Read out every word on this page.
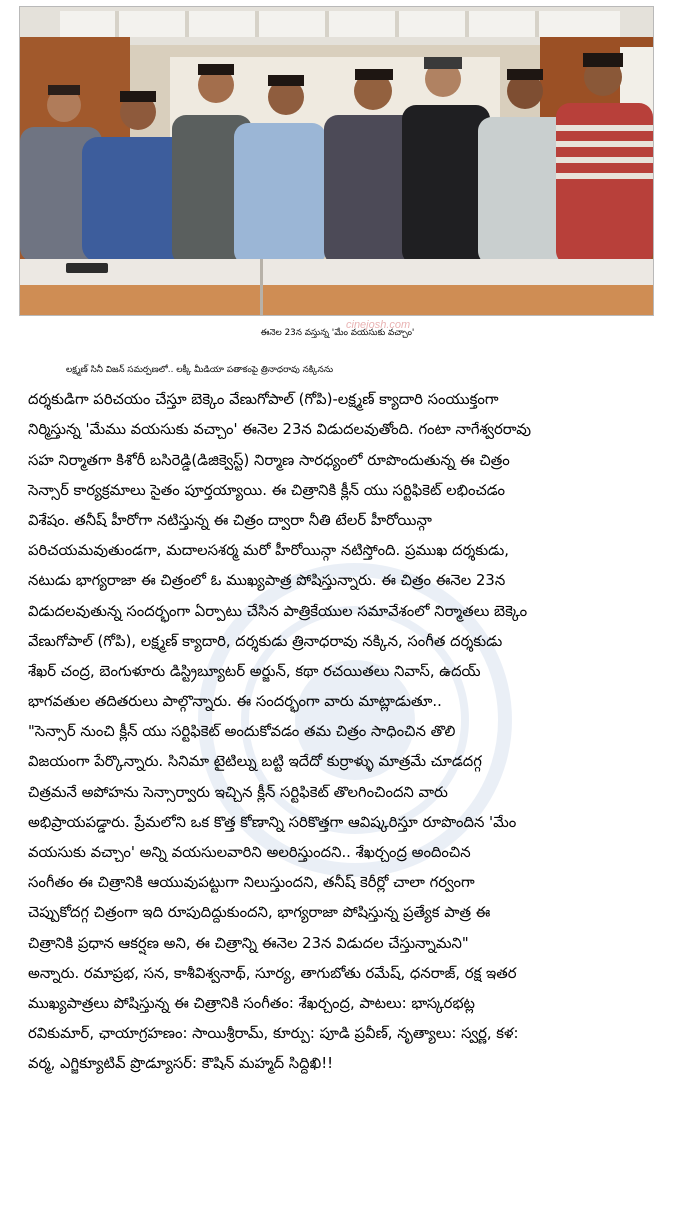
cinejosh.com
ఈనెల 23న వస్తున్న 'మేం వయసుకు వచ్చాం'
లక్ష్మణ్ సినీ విజన్ సమర్పణలో.. లక్కీ మీడియా పతాకంపై త్రినాధరావు నక్కినను
దర్శకుడిగా పరిచయం చేస్తూ బెక్కెం వేణుగోపాల్ (గోపి)-లక్ష్మణ్ క్యాదారి సంయుక్తంగా
నిర్మిస్తున్న 'మేము వయసుకు వచ్చాం' ఈనెల 23న విడుదలవుతోంది. గంటా నాగేశ్వరరావు
సహ నిర్మాతగా కిశోరీ బసిరెడ్డి(డిజిక్వెస్ట్) నిర్మాణ సారధ్యంలో రూపొందుతున్న ఈ చిత్రం
సెన్సార్ కార్యక్రమాలు సైతం పూర్తయ్యాయి. ఈ చిత్రానికి క్లీన్ యు సర్టిఫికెట్ లభించడం
విశేషం. తనీష్ హీరోగా నటిస్తున్న ఈ చిత్రం ద్వారా నీతి టేలర్ హీరోయిన్గా
పరిచయమవుతుండగా, మదాలసశర్మ మరో హీరోయిన్గా నటిస్తోంది. ప్రముఖ దర్శకుడు,
నటుడు భాగ్యరాజా ఈ చిత్రంలో ఓ ముఖ్యపాత్ర పోషిస్తున్నారు. ఈ చిత్రం ఈనెల 23న
విడుదలవుతున్న సందర్భంగా ఏర్పాటు చేసిన పాత్రికేయుల సమావేశంలో నిర్మాతలు బెక్కెం
వేణుగోపాల్ (గోపి), లక్ష్మణ్ క్యాదారి, దర్శకుడు త్రినాధరావు నక్కిన, సంగీత దర్శకుడు
శేఖర్ చంద్ర, బెంగుళూరు డిస్ట్రిబ్యూటర్ అర్జున్, కథా రచయితలు నివాస్, ఉదయ్
భాగవతుల తదితరులు పాల్గొన్నారు. ఈ సందర్భంగా వారు మాట్లాడుతూ..
"సెన్సార్ నుంచి క్లీన్ యు సర్టిఫికెట్ అందుకోవడం తమ చిత్రం సాధించిన తొలి
విజయంగా పేర్కొన్నారు. సినిమా టైటిల్ను బట్టి ఇదేదో కుర్రాళ్ళు మాత్రమే చూడదగ్గ
చిత్రమనే అపోహను సెన్సార్వారు ఇచ్చిన క్లీన్ సర్టిఫికెట్ తొలగించిందని వారు
అభిప్రాయపడ్డారు. ప్రేమలోని ఒక కొత్త కోణాన్ని సరికొత్తగా ఆవిష్కరిస్తూ రూపొందిన 'మేం
వయసుకు వచ్చాం' అన్ని వయసులవారిని అలరిస్తుందని.. శేఖర్చంద్ర అందించిన
సంగీతం ఈ చిత్రానికి ఆయువుపట్టుగా నిలుస్తుందని, తనీష్ కెరీర్లో చాలా గర్వంగా
చెప్పుకోదగ్గ చిత్రంగా ఇది రూపుదిద్దుకుందని, భాగ్యరాజా పోషిస్తున్న ప్రత్యేక పాత్ర ఈ
చిత్రానికి ప్రధాన ఆకర్షణ అని, ఈ చిత్రాన్ని ఈనెల 23న విడుదల చేస్తున్నామని"
అన్నారు. రమాప్రభ, సన, కాశీవిశ్వనాథ్, సూర్య, తాగుబోతు రమేష్, ధనరాజ్, రక్ష ఇతర
ముఖ్యపాత్రలు పోషిస్తున్న ఈ చిత్రానికి సంగీతం: శేఖర్చంద్ర, పాటలు: భాస్కరభట్ల
రవికుమార్, ఛాయాగ్రహణం: సాయిశ్రీరామ్, కూర్పు: పూడి ప్రవీణ్, నృత్యాలు: స్వర్ణ, కళ:
వర్మ, ఎగ్జిక్యూటివ్ ప్రొడ్యూసర్: కౌషిన్ మహ్మద్ సిద్దిఖి!!
